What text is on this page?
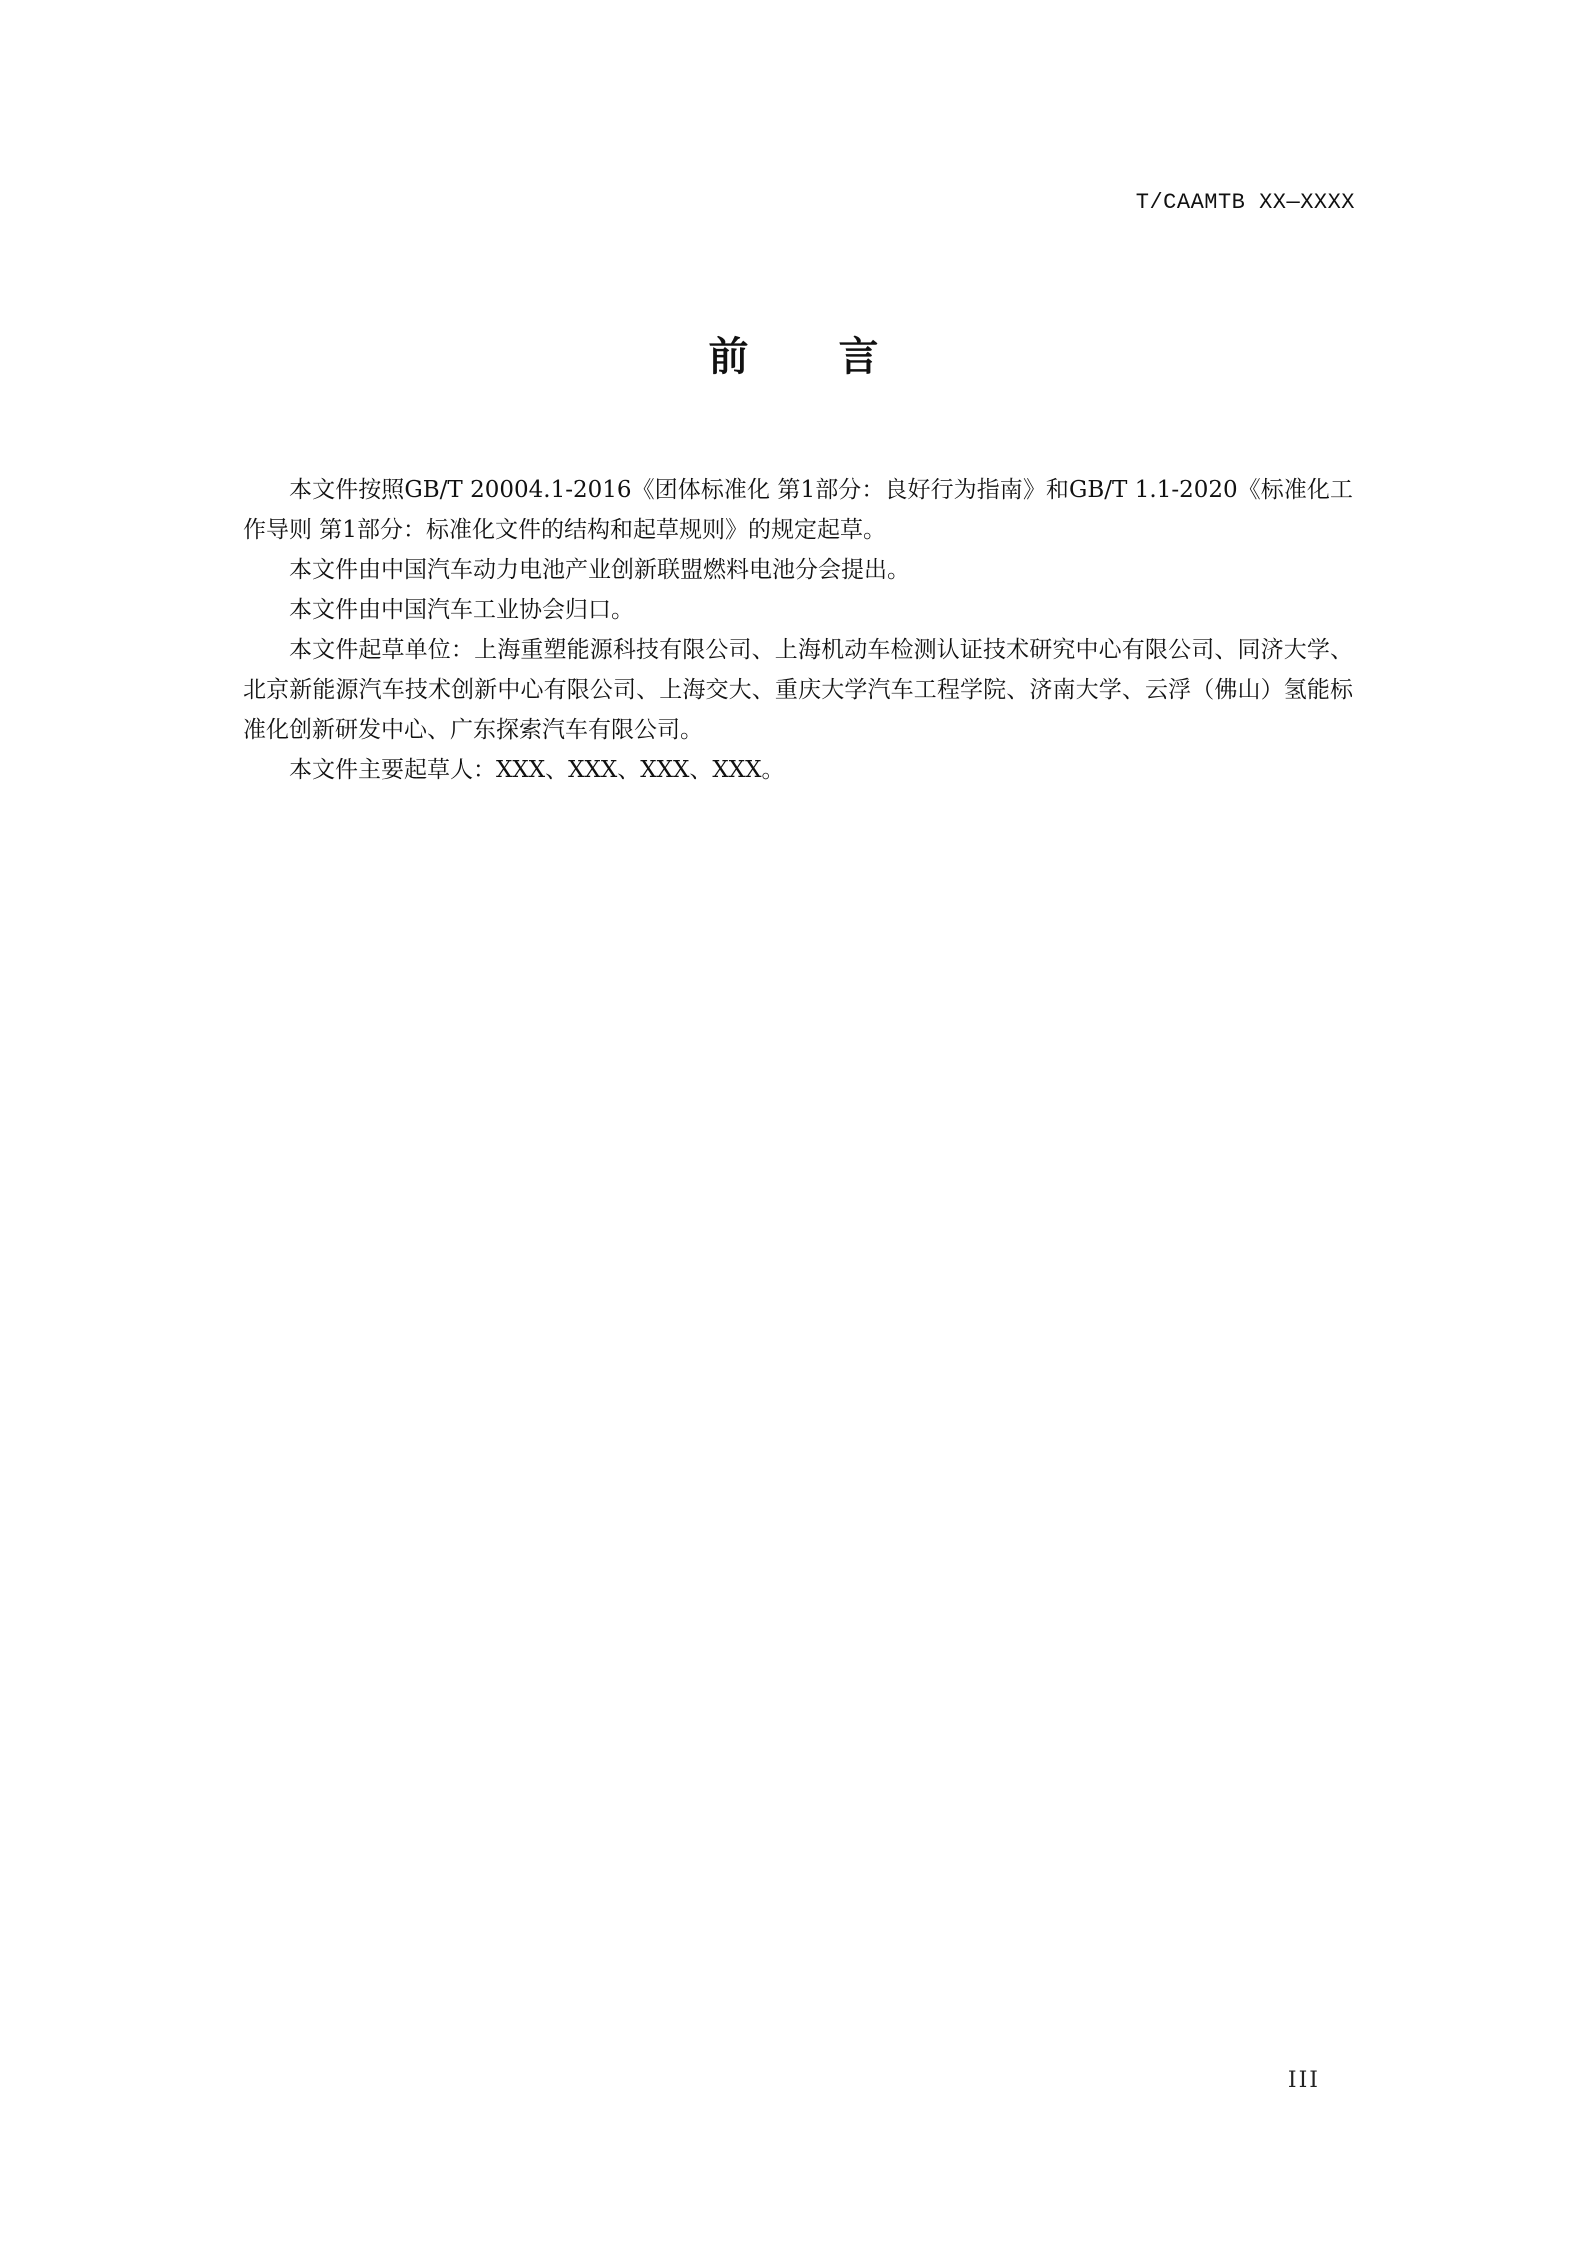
T/CAAMTB XX—XXXX
前言

本文件按照GB/T 20004.1-2016《团体标准化 第1部分：良好行为指南》和GB/T 1.1-2020《标准化工作导则 第1部分：标准化文件的结构和起草规则》的规定起草。

本文件由中国汽车动力电池产业创新联盟燃料电池分会提出。

本文件由中国汽车工业协会归口。

本文件起草单位：上海重塑能源科技有限公司、上海机动车检测认证技术研究中心有限公司、同济大学、北京新能源汽车技术创新中心有限公司、上海交大、重庆大学汽车工程学院、济南大学、云浮（佛山）氢能标准化创新研发中心、广东探索汽车有限公司。

本文件主要起草人：XXX、XXX、XXX、XXX。

III
